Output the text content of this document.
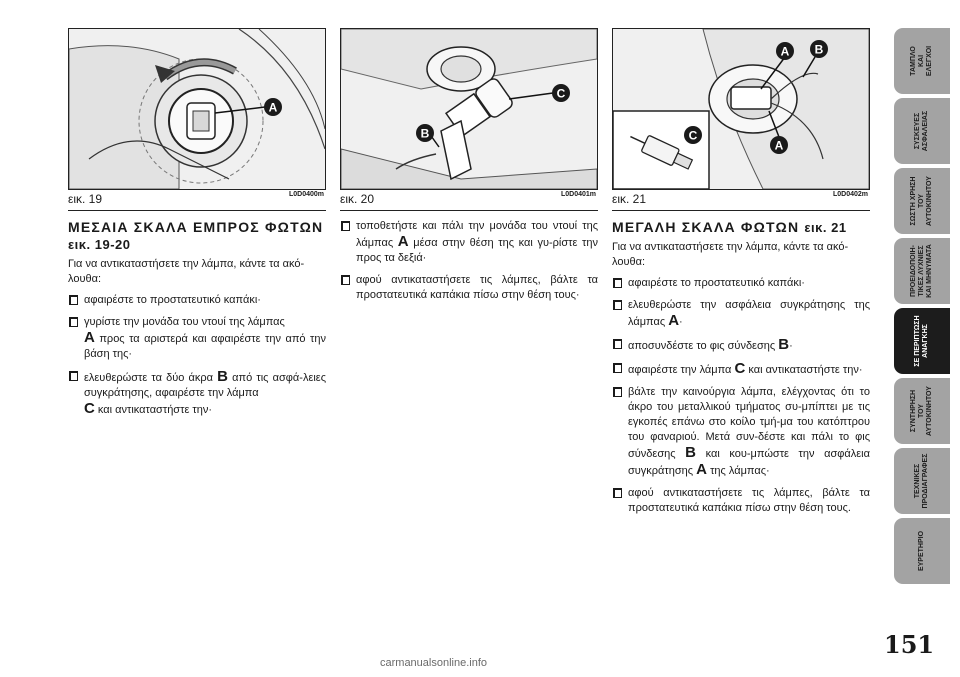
A
εικ. 19	L0D0400m
ΜΕΣΑΙΑ ΣΚΑΛΑ ΕΜΠΡΟΣ ΦΩΤΩΝ
εικ. 19-20

Για να αντικαταστήσετε την λάμπα, κάντε τα ακό-λουθα:

αφαιρέστε το προστατευτικό καπάκι·
γυρίστε την μονάδα του ντουί της λάμπας
A προς τα αριστερά και αφαιρέστε την από την βάση της·
ελευθερώστε τα δύο άκρα B από τις ασφά-λειες συγκράτησης, αφαιρέστε την λάμπα
C και αντικαταστήστε την·
C
B
εικ. 20	L0D0401m
τοποθετήστε και πάλι την μονάδα του ντουί της λάμπας A μέσα στην θέση της και γυ-ρίστε την προς τα δεξιά·
αφού αντικαταστήσετε τις λάμπες, βάλτε τα προστατευτικά καπάκια πίσω στην θέση τους·
A B
A
C
εικ. 21	L0D0402m
ΜΕΓΑΛΗ ΣΚΑΛΑ ΦΩΤΩΝ εικ. 21

Για να αντικαταστήσετε την λάμπα, κάντε τα ακό-λουθα:

αφαιρέστε το προστατευτικό καπάκι·
ελευθερώστε την ασφάλεια συγκράτησης της λάμπας A·
αποσυνδέστε το φις σύνδεσης B·
αφαιρέστε την λάμπα C και αντικαταστήστε την·
βάλτε την καινούργια λάμπα, ελέγχοντας ότι το άκρο του μεταλλικού τμήματος συ-μπίπτει με τις εγκοπές επάνω στο κοίλο τμή-μα του κατόπτρου του φαναριού. Μετά συν-δέστε και πάλι το φις σύνδεσης B και κου-μπώστε την ασφάλεια συγκράτησης A της λάμπας·
αφού αντικαταστήσετε τις λάμπες, βάλτε τα προστατευτικά καπάκια πίσω στην θέση τους.
ΤΑΜΠΛΟ
ΚΑΙ
ΕΛΕΓΧΟΙ
ΣΥΣΚΕΥΕΣ
ΑΣΦΑΛΕΙΑΣ
ΣΩΣΤΗ ΧΡΗΣΗ
ΤΟΥ
ΑΥΤΟΚΙΝΗΤΟΥ
ΠΡΟΕΙΔΟΠΟΙΗ-
ΤΙΚΕΣ ΛΥΧΝΙΕΣ
ΚΑΙ ΜΗΝΥΜΑΤΑ
ΣΕ ΠΕΡΙΠΤΩΣΗ
ΑΝΑΓΚΗΣ
ΣΥΝΤΗΡΗΣΗ
ΤΟΥ
ΑΥΤΟΚΙΝΗΤΟΥ
ΤΕΧΝΙΚΕΣ
ΠΡΟΔΙΑΓΡΑΦΕΣ
ΕΥΡΕΤΗΡΙΟ
151
carmanualsonline.info
